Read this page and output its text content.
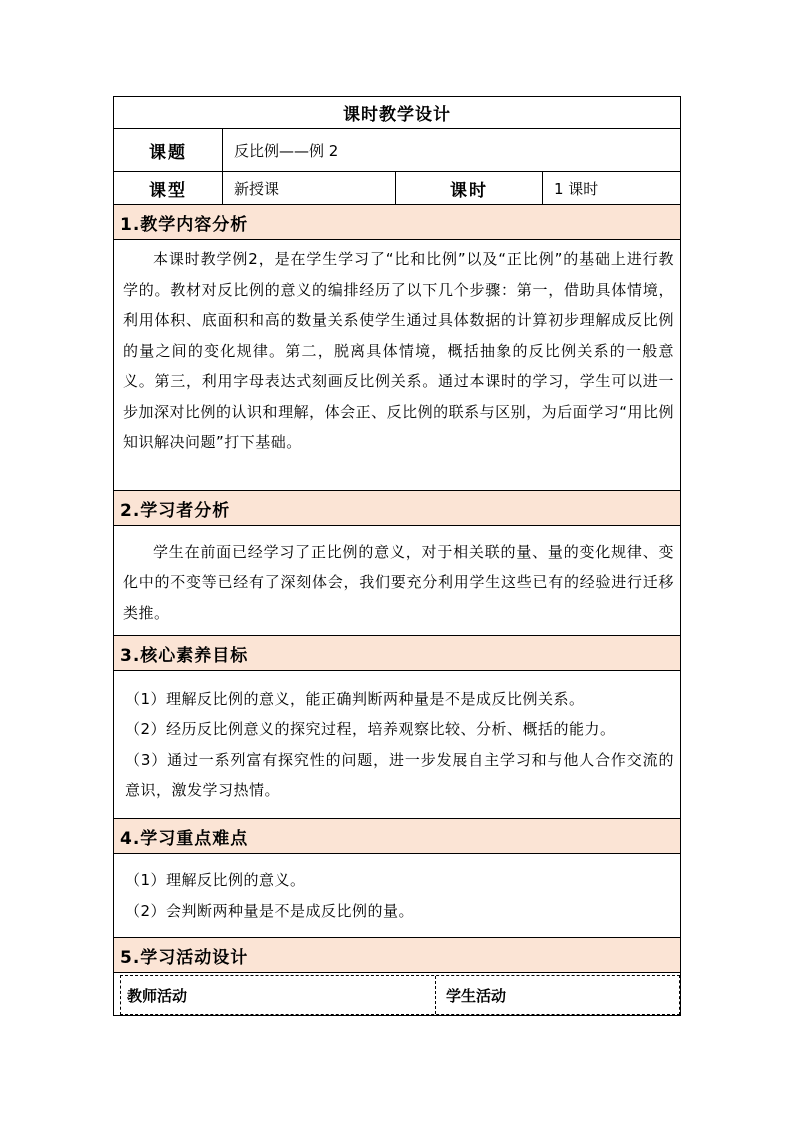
课时教学设计			
课题	反比例——例 2		
课型	新授课	课时	1 课时
1.教学内容分析			
本课时教学例2，是在学生学习了“比和比例”以及“正比例”的基础上进行教学的。教材对反比例的意义的编排经历了以下几个步骤：第一，借助具体情境，利用体积、底面积和高的数量关系使学生通过具体数据的计算初步理解成反比例的量之间的变化规律。第二，脱离具体情境，概括抽象的反比例关系的一般意义。第三，利用字母表达式刻画反比例关系。通过本课时的学习，学生可以进一步加深对比例的认识和理解，体会正、反比例的联系与区别，为后面学习“用比例知识解决问题”打下基础。			
2.学习者分析			
学生在前面已经学习了正比例的意义，对于相关联的量、量的变化规律、变化中的不变等已经有了深刻体会，我们要充分利用学生这些已有的经验进行迁移类推。			
3.核心素养目标			

（1）理解反比例的意义，能正确判断两种量是不是成反比例关系。

（2）经历反比例意义的探究过程，培养观察比较、分析、概括的能力。

（3）通过一系列富有探究性的问题，进一步发展自主学习和与他人合作交流的意识，激发学习热情。			

4.学习重点难点			

（1）理解反比例的意义。

（2）会判断两种量是不是成反比例的量。			

5.学习活动设计			

教师活动 学生活动			
